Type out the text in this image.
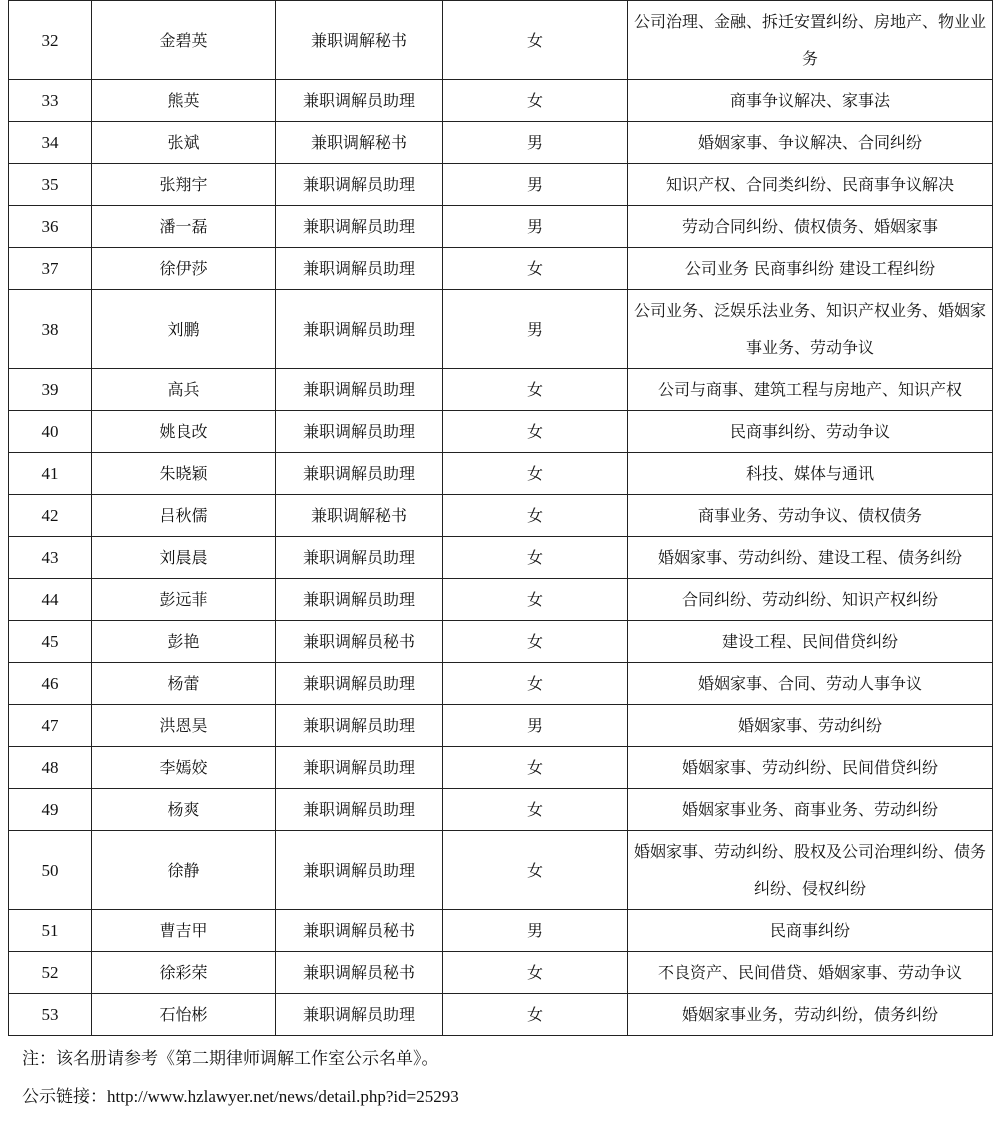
32	金碧英	兼职调解秘书	女	公司治理、金融、拆迁安置纠纷、房地产、物业业务
33	熊英	兼职调解员助理	女	商事争议解决、家事法
34	张斌	兼职调解秘书	男	婚姻家事、争议解决、合同纠纷
35	张翔宇	兼职调解员助理	男	知识产权、合同类纠纷、民商事争议解决
36	潘一磊	兼职调解员助理	男	劳动合同纠纷、债权债务、婚姻家事
37	徐伊莎	兼职调解员助理	女	公司业务 民商事纠纷 建设工程纠纷
38	刘鹏	兼职调解员助理	男	公司业务、泛娱乐法业务、知识产权业务、婚姻家事业务、劳动争议
39	高兵	兼职调解员助理	女	公司与商事、建筑工程与房地产、知识产权
40	姚良改	兼职调解员助理	女	民商事纠纷、劳动争议
41	朱晓颖	兼职调解员助理	女	科技、媒体与通讯
42	吕秋儒	兼职调解秘书	女	商事业务、劳动争议、债权债务
43	刘晨晨	兼职调解员助理	女	婚姻家事、劳动纠纷、建设工程、债务纠纷
44	彭远菲	兼职调解员助理	女	合同纠纷、劳动纠纷、知识产权纠纷
45	彭艳	兼职调解员秘书	女	建设工程、民间借贷纠纷
46	杨蕾	兼职调解员助理	女	婚姻家事、合同、劳动人事争议
47	洪恩昊	兼职调解员助理	男	婚姻家事、劳动纠纷
48	李嫣姣	兼职调解员助理	女	婚姻家事、劳动纠纷、民间借贷纠纷
49	杨爽	兼职调解员助理	女	婚姻家事业务、商事业务、劳动纠纷
50	徐静	兼职调解员助理	女	婚姻家事、劳动纠纷、股权及公司治理纠纷、债务纠纷、侵权纠纷
51	曹吉甲	兼职调解员秘书	男	民商事纠纷
52	徐彩荣	兼职调解员秘书	女	不良资产、民间借贷、婚姻家事、劳动争议
53	石怡彬	兼职调解员助理	女	婚姻家事业务，劳动纠纷，债务纠纷
注：该名册请参考《第二期律师调解工作室公示名单》。
公示链接：http://www.hzlawyer.net/news/detail.php?id=25293
